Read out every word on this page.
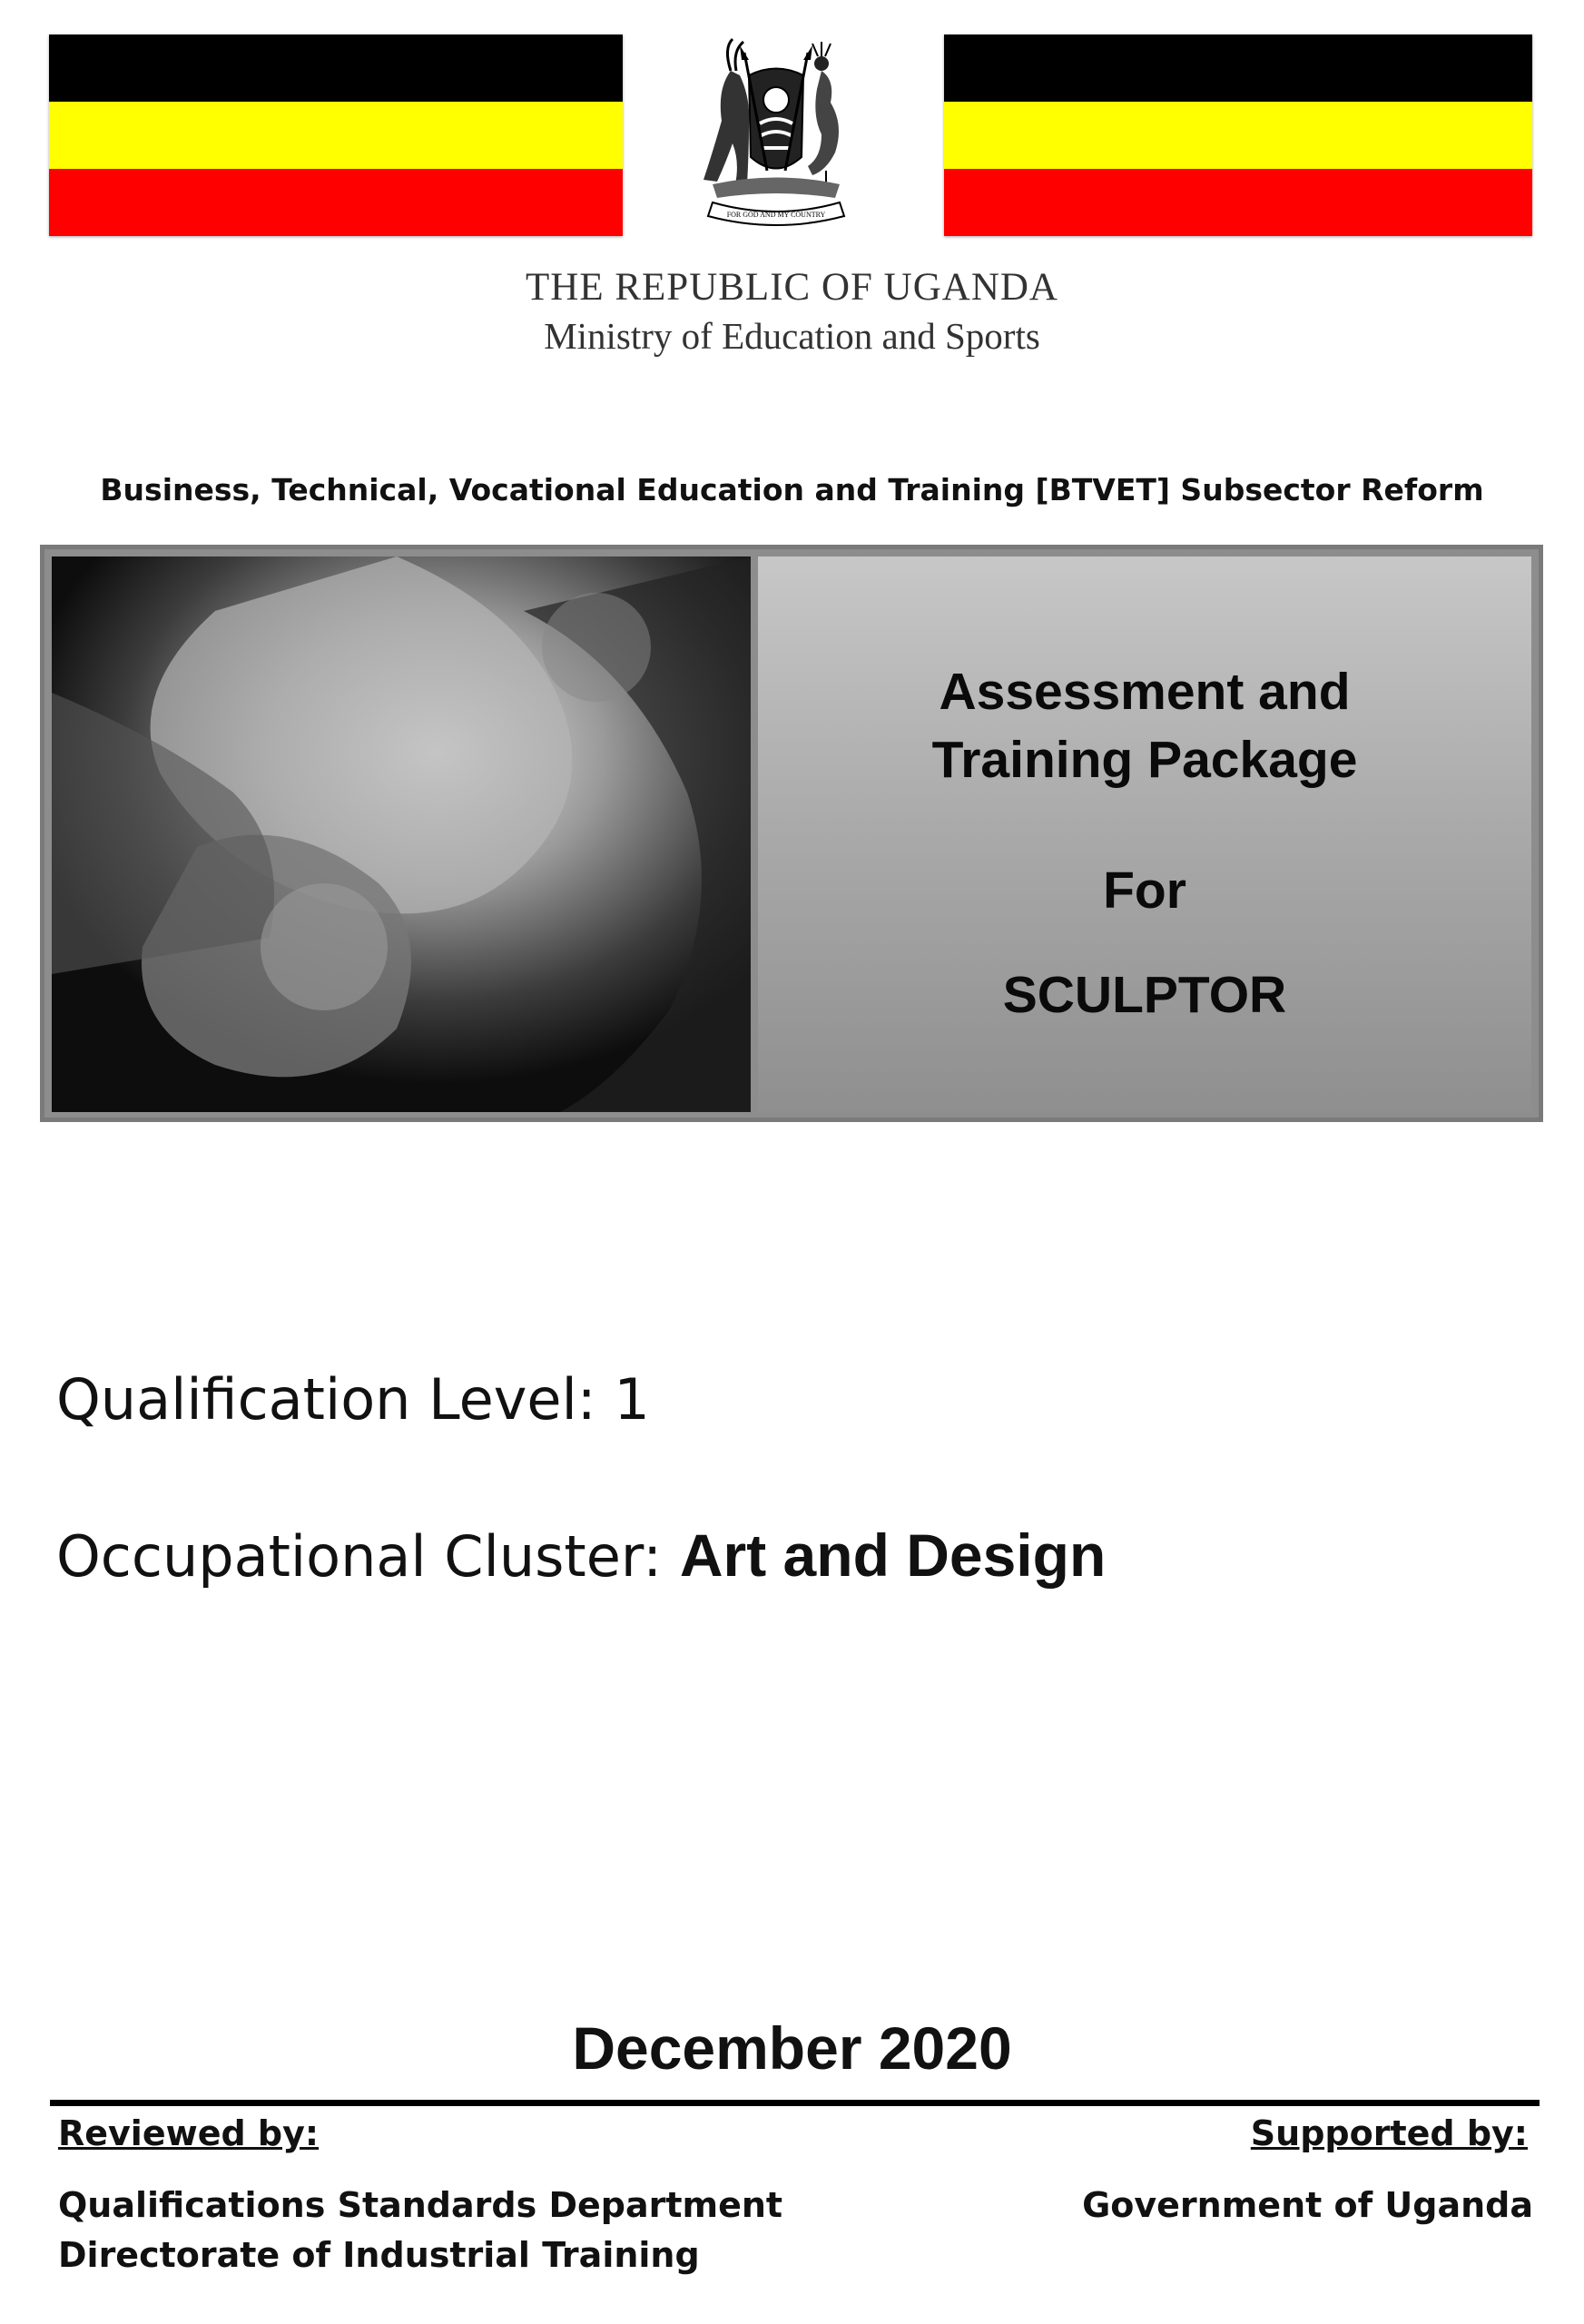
FOR GOD AND MY COUNTRY
THE REPUBLIC OF UGANDA
Ministry of Education and Sports
Business, Technical, Vocational Education and Training [BTVET] Subsector Reform
Assessment and Training Package
For
SCULPTOR
Qualification Level: 1
Occupational Cluster: Art and Design
December 2020
Reviewed by:
Qualifications Standards Department
Directorate of Industrial Training
Supported by:
Government of Uganda
